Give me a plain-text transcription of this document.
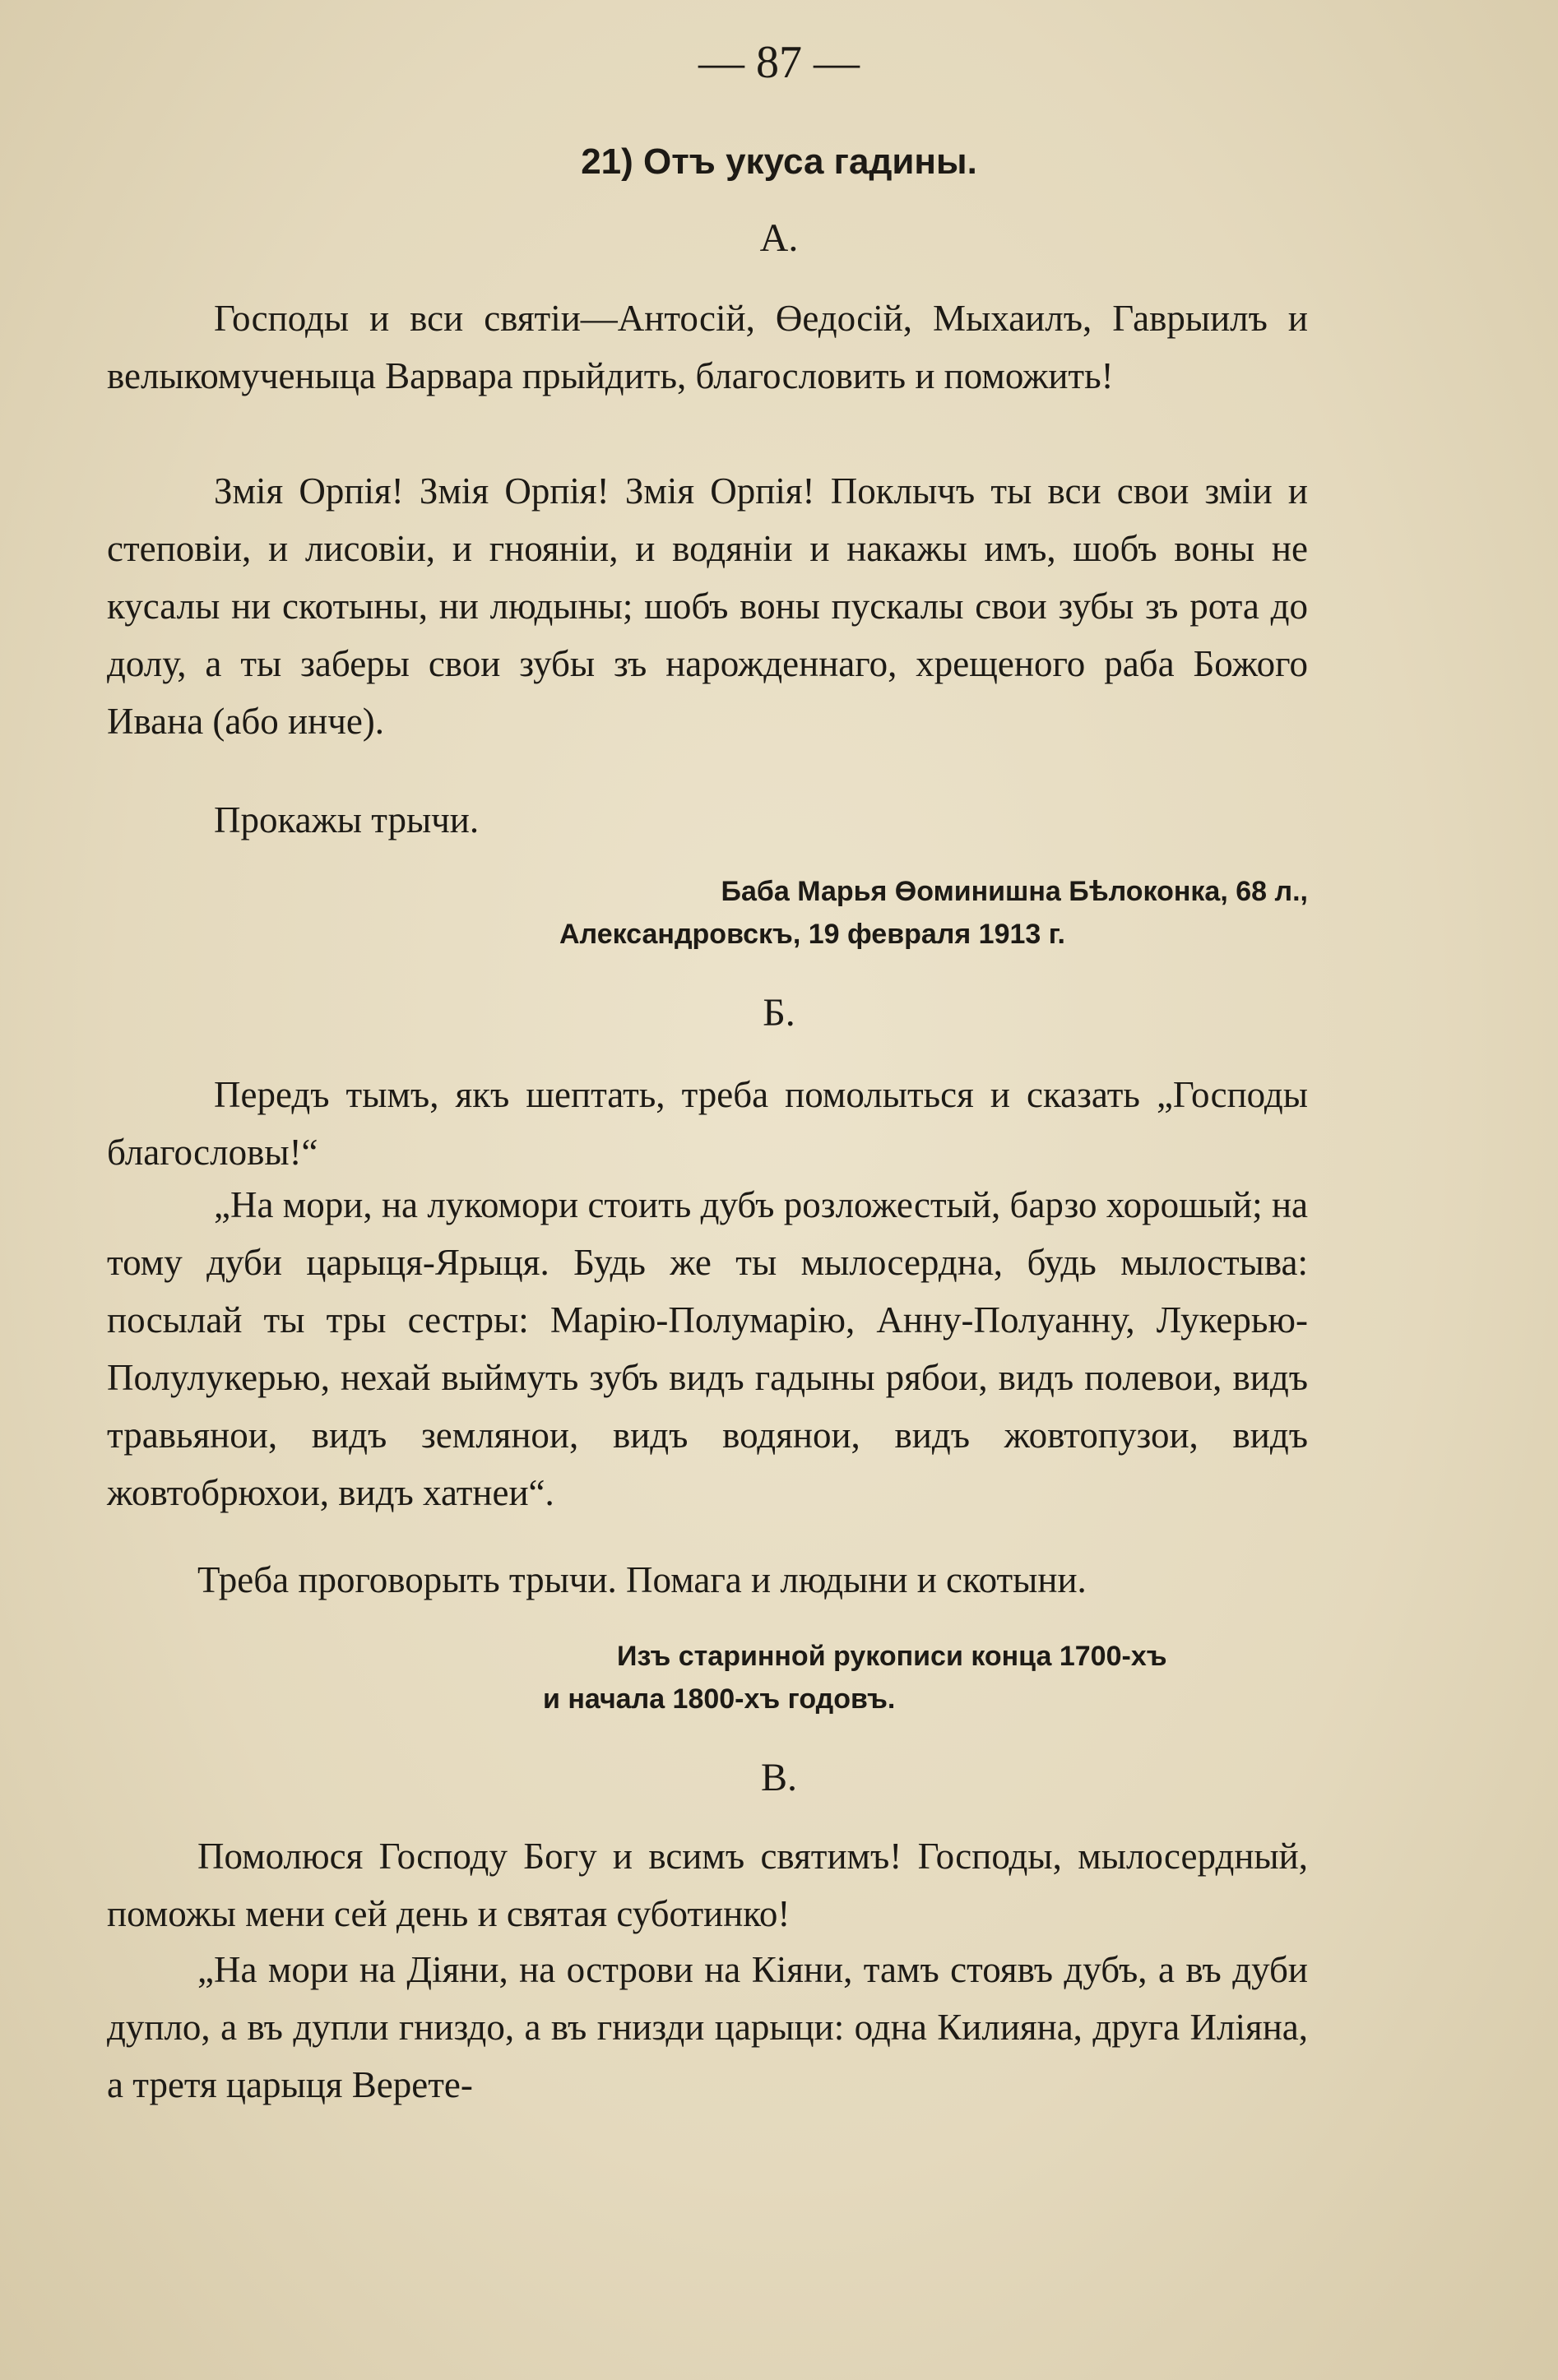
— 87 —
21) Отъ укуса гадины.
А.

Господы и вси святіи—Антосій, Өедосій, Мыхаилъ, Гаврыилъ и велыкомученыца Варвара прыйдить, благословить и поможить!

Змія Орпія! Змія Орпія! Змія Орпія! Поклычъ ты вси свои зміи и степовіи, и лисовіи, и гнояніи, и водяніи и накажы имъ, шобъ воны не кусалы ни скотыны, ни людыны; шобъ воны пускалы свои зубы зъ рота до долу, а ты заберы свои зубы зъ нарожденнаго, хрещеного раба Божого Ивана (або инче).

Прокажы трычи.

Баба Марья Өоминишна Бѣлоконка, 68 л.,
Александровскъ, 19 февраля 1913 г.
Б.

Передъ тымъ, якъ шептать, треба помолыться и сказать „Господы благословы!“

„На мори, на лукомори стоить дубъ розложестый, барзо хорошый; на тому дуби царыця-Ярыця. Будь же ты мылосердна, будь мылостыва: посылай ты тры сестры: Марію-Полумарію, Анну-Полуанну, Лукерью-Полулукерью, нехай выймуть зубъ видъ гадыны рябои, видъ полевои, видъ травьянои, видъ землянои, видъ водянои, видъ жовтопузои, видъ жовтобрюхои, видъ хатнеи“.

Треба проговорыть трычи. Помага и людыни и скотыни.

Изъ старинной рукописи конца 1700-хъ
и начала 1800-хъ годовъ.
В.

Помолюся Господу Богу и всимъ святимъ! Господы, мылосердный, поможы мени сей день и святая суботинко!

„На мори на Діяни, на острови на Кіяни, тамъ стоявъ дубъ, а въ дуби дупло, а въ дупли гниздо, а въ гнизди царыци: одна Килияна, друга Иліяна, а третя царыця Веретe-
